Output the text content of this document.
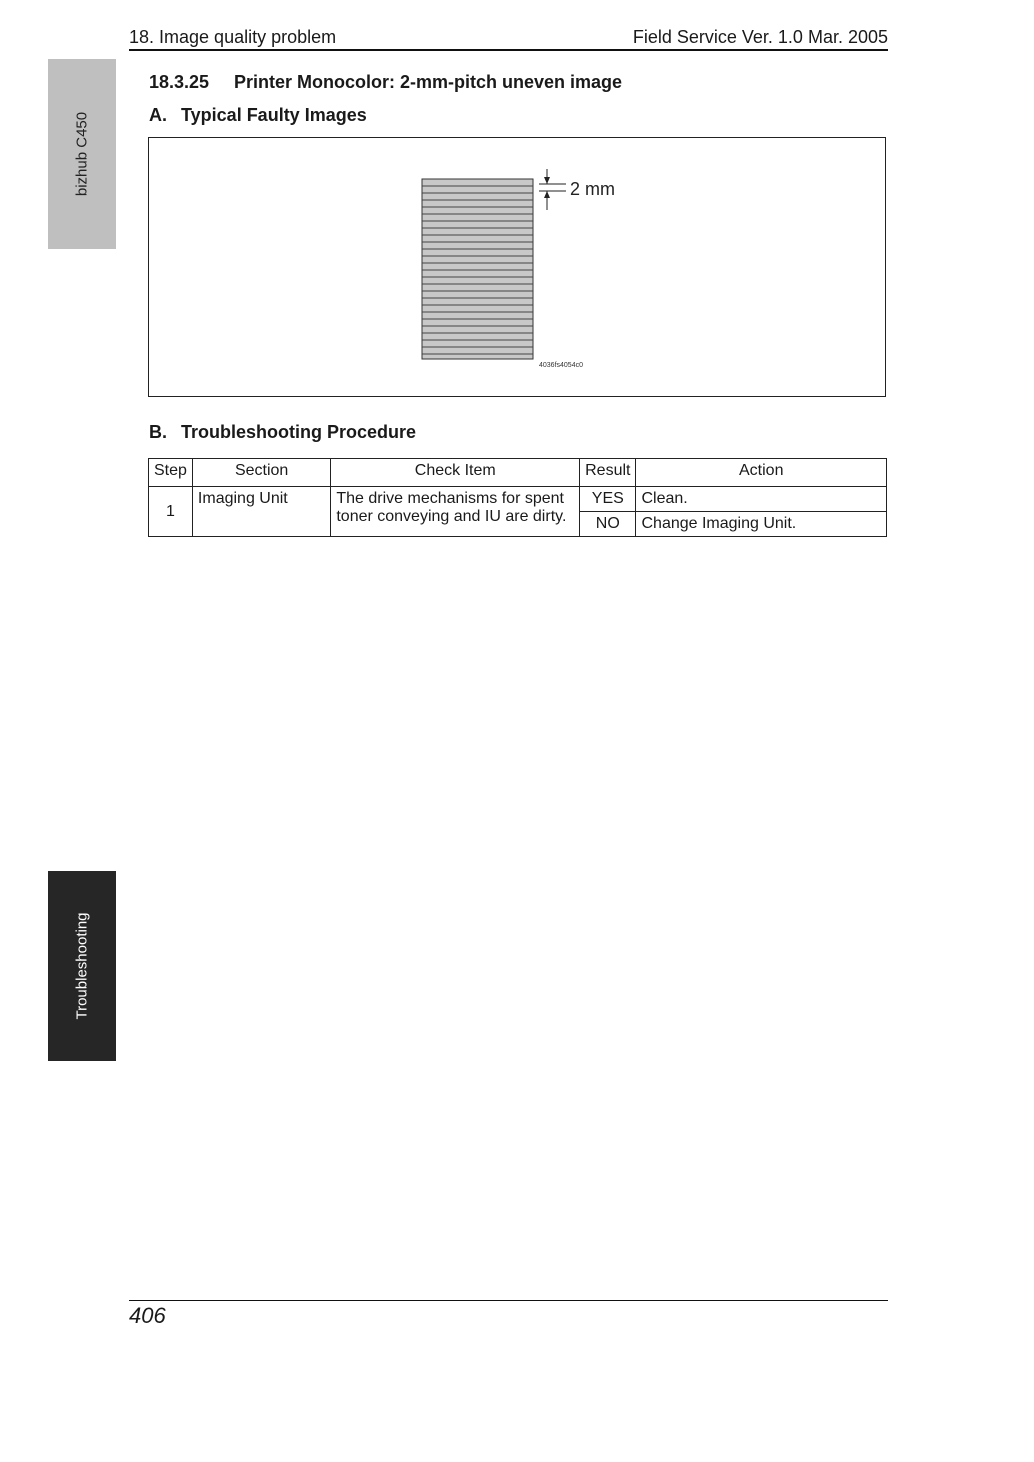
18. Image quality problem	Field Service Ver. 1.0 Mar. 2005
bizhub C450
Troubleshooting
18.3.25 Printer Monocolor: 2-mm-pitch uneven image
A. Typical Faulty Images
2 mm
4036fs4054c0
B. Troubleshooting Procedure
Step	Section	Check Item	Result	Action
1	Imaging Unit	The drive mechanisms for spent toner conveying and IU are dirty.	YES	Clean.
			NO	Change Imaging Unit.
406
